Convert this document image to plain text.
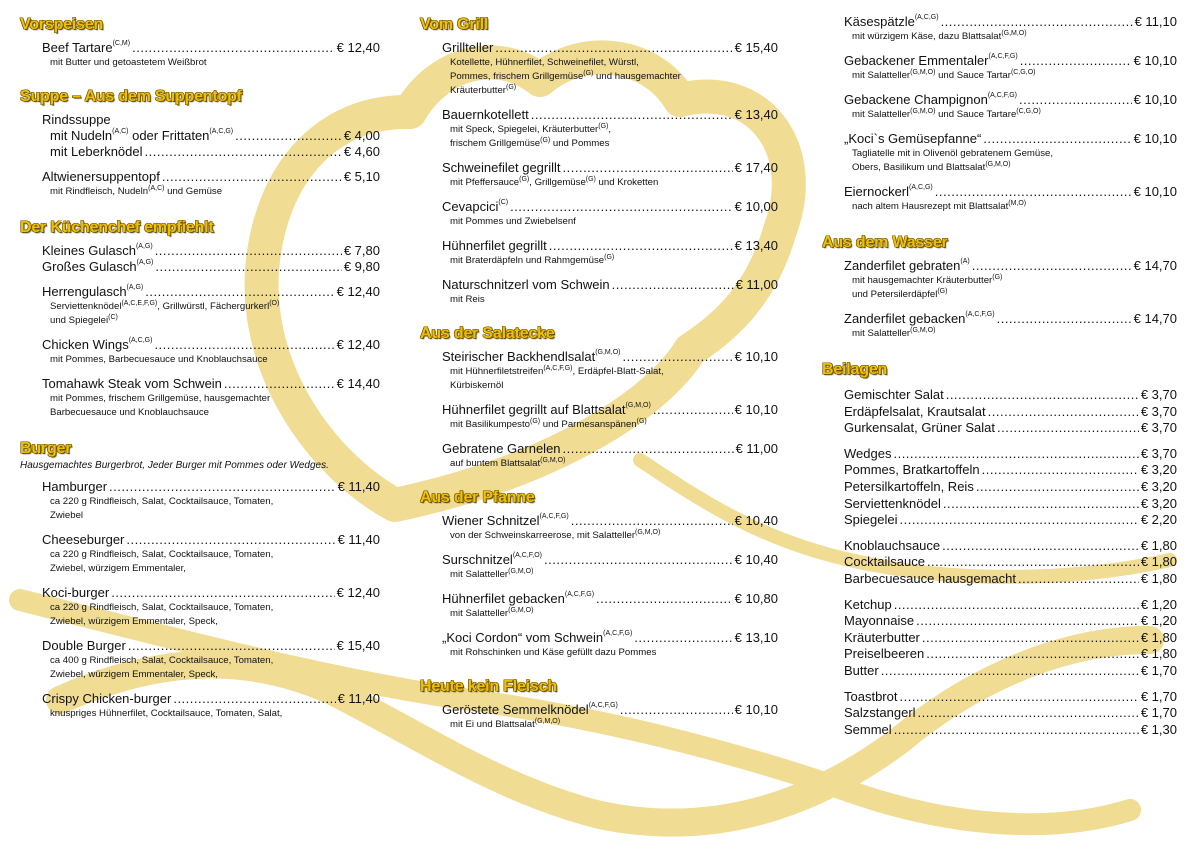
Vorspeisen
Beef Tartare$^{(C,M)}$ .....	€ 12,40
mit Butter und getoastetem Weißbrot
Suppe – Aus dem Suppentopf
Rindssuppe
mit Nudeln$^{(A,C)}$ oder Frittaten$^{(A,C,G)}$ .....	€ 4,00
mit Leberknödel .....	€ 4,60
Altwienersuppentopf .....	€ 5,10
mit Rindfleisch, Nudeln$^{(A,C)}$ und Gemüse
Der Küchenchef empfiehlt
Kleines Gulasch$^{(A,G)}$ .....	€ 7,80
Großes Gulasch$^{(A,G)}$ .....	€ 9,80
Herrengulasch$^{(A,G)}$ .....	€ 12,40
Serviettenknödel$^{(A,C,E,F,G)}$, Grillwürstl, Fächergurkerl$^{(O)}$
und Spiegelei$^{(C)}$
Chicken Wings$^{(A,C,G)}$ .....	€ 12,40
mit Pommes, Barbecuesauce und Knoblauchsauce
Tomahawk Steak vom Schwein .....	€ 14,40
mit Pommes, frischem Grillgemüse, hausgemachter
Barbecuesauce und Knoblauchsauce
Burger
Hausgemachtes Burgerbrot, Jeder Burger mit Pommes oder Wedges.
Hamburger .....	€ 11,40
ca 220 g Rindfleisch, Salat, Cocktailsauce, Tomaten,
Zwiebel
Cheeseburger .....	€ 11,40
ca 220 g Rindfleisch, Salat, Cocktailsauce, Tomaten,
Zwiebel, würzigem Emmentaler,
Koci-burger .....	€ 12,40
ca 220 g Rindfleisch, Salat, Cocktailsauce, Tomaten,
Zwiebel, würzigem Emmentaler, Speck,
Double Burger .....	€ 15,40
ca 400 g Rindfleisch, Salat, Cocktailsauce, Tomaten,
Zwiebel, würzigem Emmentaler, Speck,
Crispy Chicken-burger .....	€ 11,40
knuspriges Hühnerfilet, Cocktailsauce, Tomaten, Salat,
Vom Grill
Grillteller .....	€ 15,40
Kotellette, Hühnerfilet, Schweinefilet, Würstl,
Pommes, frischem Grillgemüse$^{(G)}$ und hausgemachter
Kräuterbutter$^{(G)}$
Bauernkotellett .....	€ 13,40
mit Speck, Spiegelei, Kräuterbutter$^{(G)}$,
frischem Grillgemüse$^{(G)}$ und Pommes
Schweinefilet gegrillt .....	€ 17,40
mit Pfeffersauce$^{(G)}$, Grillgemüse$^{(G)}$ und Kroketten
Cevapcici$^{(C)}$ .....	€ 10,00
mit Pommes und Zwiebelsenf
Hühnerfilet gegrillt .....	€ 13,40
mit Braterdäpfeln und Rahmgemüse$^{(G)}$
Naturschnitzerl vom Schwein .....	€ 11,00
mit Reis
Aus der Salatecke
Steirischer Backhendlsalat$^{(G,M,O)}$ .....	€ 10,10
mit Hühnerfiletstreifen$^{(A,C,F,G)}$, Erdäpfel-Blatt-Salat,
Kürbiskernöl
Hühnerfilet gegrillt auf Blattsalat$^{(G,M,O)}$ .....	€ 10,10
mit Basilikumpesto$^{(G)}$ und Parmesanspänen$^{(G)}$
Gebratene Garnelen .....	€ 11,00
auf buntem Blattsalat$^{(G,M,O)}$
Aus der Pfanne
Wiener Schnitzel$^{(A,C,F,G)}$ .....	€ 10,40
von der Schweinskarreerose, mit Salatteller$^{(G,M,O)}$
Surschnitzel$^{(A,C,F,O)}$ .....	€ 10,40
mit Salatteller$^{(G,M,O)}$
Hühnerfilet gebacken$^{(A,C,F,G)}$ .....	€ 10,80
mit Salatteller$^{(G,M,O)}$
„Koci Cordon“ vom Schwein$^{(A,C,F,G)}$ .....	€ 13,10
mit Rohschinken und Käse gefüllt dazu Pommes
Heute kein Fleisch
Geröstete Semmelknödel$^{(A,C,F,G)}$ .....	€ 10,10
mit Ei und Blattsalat$^{(G,M,O)}$
Käsespätzle$^{(A,C,G)}$ .....	€ 11,10
mit würzigem Käse, dazu Blattsalat$^{(G,M,O)}$
Gebackener Emmentaler$^{(A,C,F,G)}$ .....	€ 10,10
mit Salatteller$^{(G,M,O)}$ und Sauce Tartar$^{(C,G,O)}$
Gebackene Champignon$^{(A,C,F,G)}$ .....	€ 10,10
mit Salatteller$^{(G,M,O)}$ und Sauce Tartare$^{(C,G,O)}$
„Koci`s Gemüsepfanne“ .....	€ 10,10
Tagliatelle mit in Olivenöl gebratenem Gemüse,
Obers, Basilikum und Blattsalat$^{(G,M,O)}$
Eiernockerl$^{(A,C,G)}$ .....	€ 10,10
nach altem Hausrezept mit Blattsalat$^{(M,O)}$
Aus dem Wasser
Zanderfilet gebraten$^{(A)}$ .....	€ 14,70
mit hausgemachter Kräuterbutter$^{(G)}$
und Petersilerdäpfel$^{(G)}$
Zanderfilet gebacken$^{(A,C,F,G)}$ .....	€ 14,70
mit Salatteller$^{(G,M,O)}$
Beilagen
Gemischter Salat .....	€ 3,70
Erdäpfelsalat, Krautsalat .....	€ 3,70
Gurkensalat, Grüner Salat .....	€ 3,70
Wedges .....	€ 3,70
Pommes, Bratkartoffeln .....	€ 3,20
Petersilkartoffeln, Reis .....	€ 3,20
Serviettenknödel .....	€ 3,20
Spiegelei .....	€ 2,20
Knoblauchsauce .....	€ 1,80
Cocktailsauce .....	€ 1,80
Barbecuesauce hausgemacht .....	€ 1,80
Ketchup .....	€ 1,20
Mayonnaise .....	€ 1,20
Kräuterbutter .....	€ 1,80
Preiselbeeren .....	€ 1,80
Butter .....	€ 1,70
Toastbrot .....	€ 1,70
Salzstangerl .....	€ 1,70
Semmel .....	€ 1,30
